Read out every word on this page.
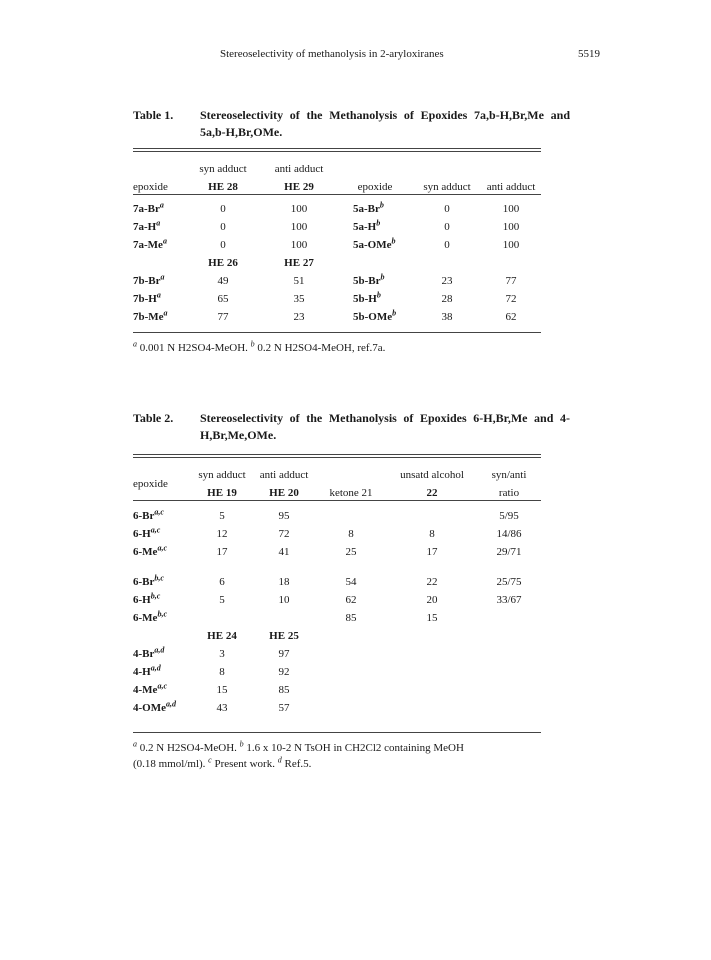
Stereoselectivity of methanolysis in 2-aryloxiranes	5519
Table 1. Stereoselectivity of the Methanolysis of Epoxides 7a,b-H,Br,Me and 5a,b-H,Br,OMe.
	syn adduct	anti adduct			
epoxide	HE 28	HE 29	epoxide	syn adduct	anti adduct
7a-Br$^a$	0	100	5a-Br$^b$	0	100
$7a-H^a$	0	100	$5a-H^b$	0	100
7a-Me$^a$	0	100	5a-OMe$^b$	0	100
	HE 26	HE 27			
7b-Br$^a$	49	51	5b-Br$^b$	23	77
$7b-H^a$	65	35	$5b-H^b$	28	72
7b-Me$^a$	77	23	5b-OMe$^b$	38	62
$^a$ 0.001 N H2SO4-MeOH. $^b$ 0.2 N H2SO4-MeOH, ref.7a.
Table 2. Stereoselectivity of the Methanolysis of Epoxides 6-H,Br,Me and 4-H,Br,Me,OMe.
epoxide	syn adduct	anti adduct		unsatd alcohol	syn/anti
	HE 19	HE 20	ketone 21	22	ratio
6-Br$^{a,c}$	5	95			5/95
$6-H^{a,c}$	12	72	8	8	14/86
6-Me$^{a,c}$	17	41	25	17	29/71

6-Br$^{b,c}$	6	18	54	22	25/75
$6-H^{b,c}$	5	10	62	20	33/67
6-Me$^{b,c}$			85	15	
	HE 24	HE 25			
4-Br$^{a,d}$	3	97			
$4-H^{a,d}$	8	92			
4-Me$^{a,c}$	15	85			
4-OMe$^{a,d}$	43	57			
$^a$ 0.2 N H2SO4-MeOH. $^b$ 1.6 x 10-2 N TsOH in CH2Cl2 containing MeOH
(0.18 mmol/ml). $^c$ Present work. $^d$ Ref.5.
